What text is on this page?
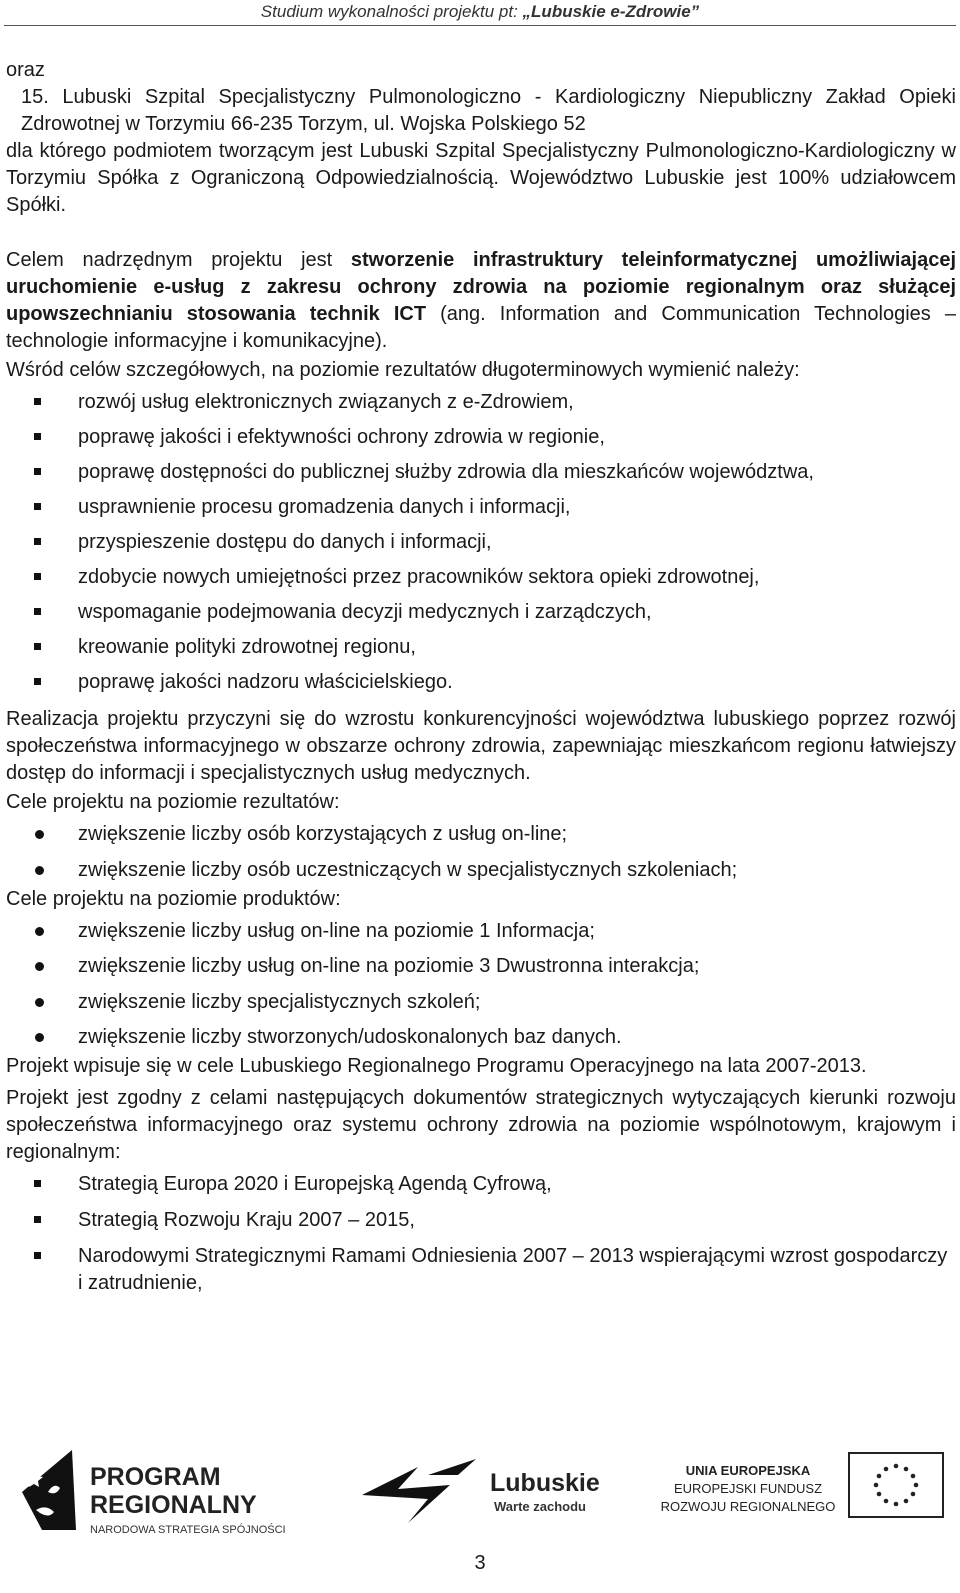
Studium wykonalności projektu pt: „Lubuskie e-Zdrowie”

oraz

15. Lubuski Szpital Specjalistyczny Pulmonologiczno - Kardiologiczny Niepubliczny Zakład Opieki Zdrowotnej w Torzymiu 66-235 Torzym, ul. Wojska Polskiego 52

dla którego podmiotem tworzącym jest Lubuski Szpital Specjalistyczny Pulmonologiczno-Kardiologiczny w Torzymiu Spółka z Ograniczoną Odpowiedzialnością. Województwo Lubuskie jest 100% udziałowcem Spółki.

Celem nadrzędnym projektu jest stworzenie infrastruktury teleinformatycznej umożliwiającej uruchomienie e-usług z zakresu ochrony zdrowia na poziomie regionalnym oraz służącej upowszechnianiu stosowania technik ICT (ang. Information and Communication Technologies – technologie informacyjne i komunikacyjne).

Wśród celów szczegółowych, na poziomie rezultatów długoterminowych wymienić należy:

rozwój usług elektronicznych związanych z e-Zdrowiem,
poprawę jakości i efektywności ochrony zdrowia w regionie,
poprawę dostępności do publicznej służby zdrowia dla mieszkańców województwa,
usprawnienie procesu gromadzenia danych i informacji,
przyspieszenie dostępu do danych i informacji,
zdobycie nowych umiejętności przez pracowników sektora opieki zdrowotnej,
wspomaganie podejmowania decyzji medycznych i zarządczych,
kreowanie polityki zdrowotnej regionu,
poprawę jakości nadzoru właścicielskiego.

Realizacja projektu przyczyni się do wzrostu konkurencyjności województwa lubuskiego poprzez rozwój społeczeństwa informacyjnego w obszarze ochrony zdrowia, zapewniając mieszkańcom regionu łatwiejszy dostęp do informacji i specjalistycznych usług medycznych.

Cele projektu na poziomie rezultatów:

zwiększenie liczby osób korzystających z usług on-line;
zwiększenie liczby osób uczestniczących w specjalistycznych szkoleniach;

Cele projektu na poziomie produktów:

zwiększenie liczby usług on-line na poziomie 1 Informacja;
zwiększenie liczby usług on-line na poziomie 3 Dwustronna interakcja;
zwiększenie liczby specjalistycznych szkoleń;
zwiększenie liczby stworzonych/udoskonalonych baz danych.

Projekt wpisuje się w cele Lubuskiego Regionalnego Programu Operacyjnego na lata 2007-2013.

Projekt jest zgodny z celami następujących dokumentów strategicznych wytyczających kierunki rozwoju społeczeństwa informacyjnego oraz systemu ochrony zdrowia na poziomie wspólnotowym, krajowym i regionalnym:

Strategią Europa 2020 i Europejską Agendą Cyfrową,
Strategią Rozwoju Kraju 2007 – 2015,
Narodowymi Strategicznymi Ramami Odniesienia 2007 – 2013 wspierającymi wzrost gospodarczy i zatrudnienie,
PROGRAM
REGIONALNY
NARODOWA STRATEGIA SPÓJNOŚCI
Lubuskie
Warte zachodu
UNIA EUROPEJSKA
EUROPEJSKI FUNDUSZ
ROZWOJU REGIONALNEGO
3
